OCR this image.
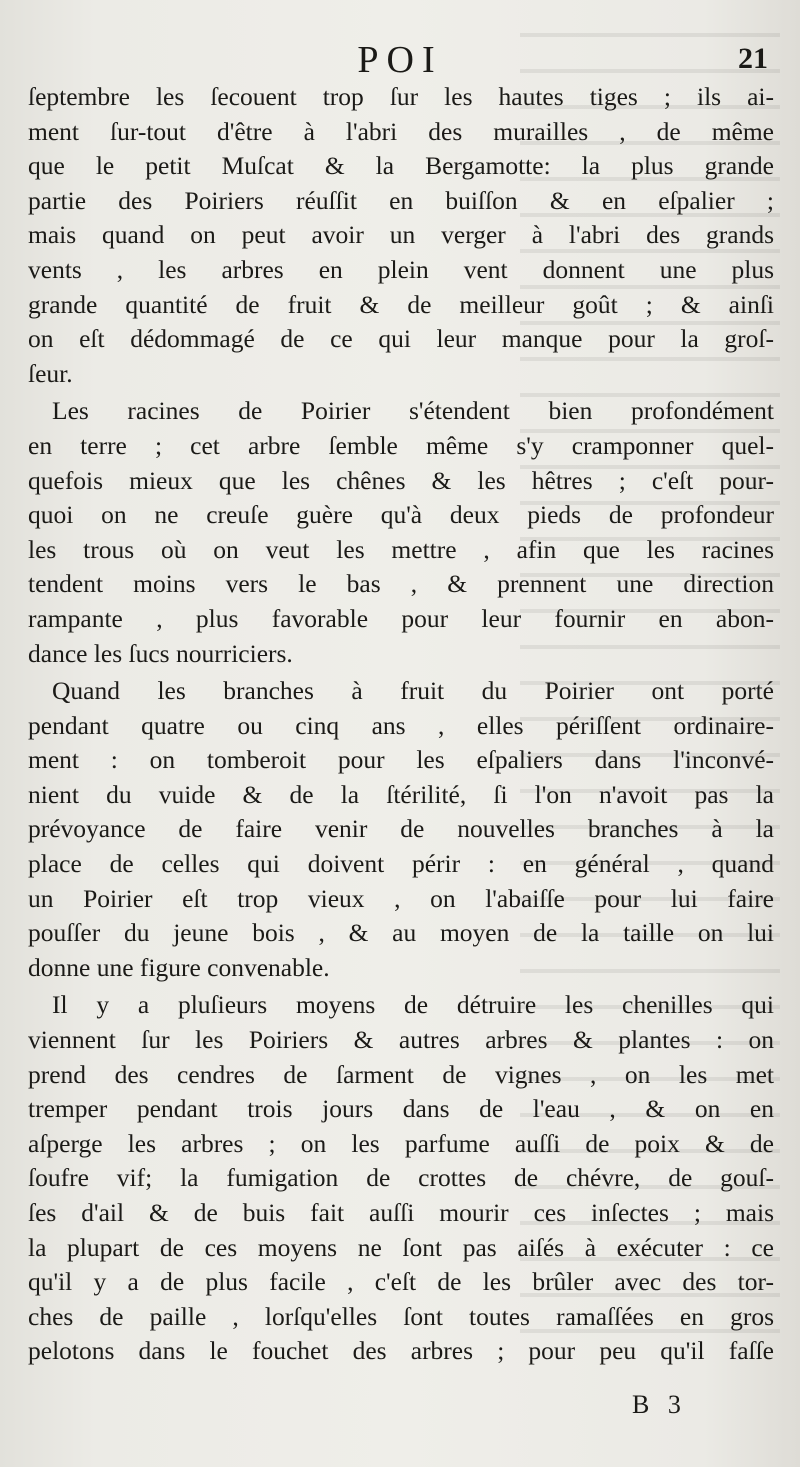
POI	21
ſeptembre les ſecouent trop ſur les hautes tiges ; ils ai-
ment ſur-tout d'être à l'abri des murailles , de même
que le petit Muſcat & la Bergamotte: la plus grande
partie des Poiriers réuſſit en buiſſon & en eſpalier ;
mais quand on peut avoir un verger à l'abri des grands
vents , les arbres en plein vent donnent une plus
grande quantité de fruit & de meilleur goût ; & ainſi
on eſt dédommagé de ce qui leur manque pour la groſ-
ſeur.
Les racines de Poirier s'étendent bien profondément
en terre ; cet arbre ſemble même s'y cramponner quel-
quefois mieux que les chênes & les hêtres ; c'eſt pour-
quoi on ne creuſe guère qu'à deux pieds de profondeur
les trous où on veut les mettre , afin que les racines
tendent moins vers le bas , & prennent une direction
rampante , plus favorable pour leur fournir en abon-
dance les ſucs nourriciers.
Quand les branches à fruit du Poirier ont porté
pendant quatre ou cinq ans , elles périſſent ordinaire-
ment : on tomberoit pour les eſpaliers dans l'inconvé-
nient du vuide & de la ſtérilité, ſi l'on n'avoit pas la
prévoyance de faire venir de nouvelles branches à la
place de celles qui doivent périr : en général , quand
un Poirier eſt trop vieux , on l'abaiſſe pour lui faire
pouſſer du jeune bois , & au moyen de la taille on lui
donne une figure convenable.
Il y a pluſieurs moyens de détruire les chenilles qui
viennent ſur les Poiriers & autres arbres & plantes : on
prend des cendres de ſarment de vignes , on les met
tremper pendant trois jours dans de l'eau , & on en
aſperge les arbres ; on les parfume auſſi de poix & de
ſoufre vif; la fumigation de crottes de chévre, de gouſ-
ſes d'ail & de buis fait auſſi mourir ces inſectes ; mais
la plupart de ces moyens ne ſont pas aiſés à exécuter : ce
qu'il y a de plus facile , c'eſt de les brûler avec des tor-
ches de paille , lorſqu'elles ſont toutes ramaſſées en gros
pelotons dans le fouchet des arbres ; pour peu qu'il faſſe
B 3
